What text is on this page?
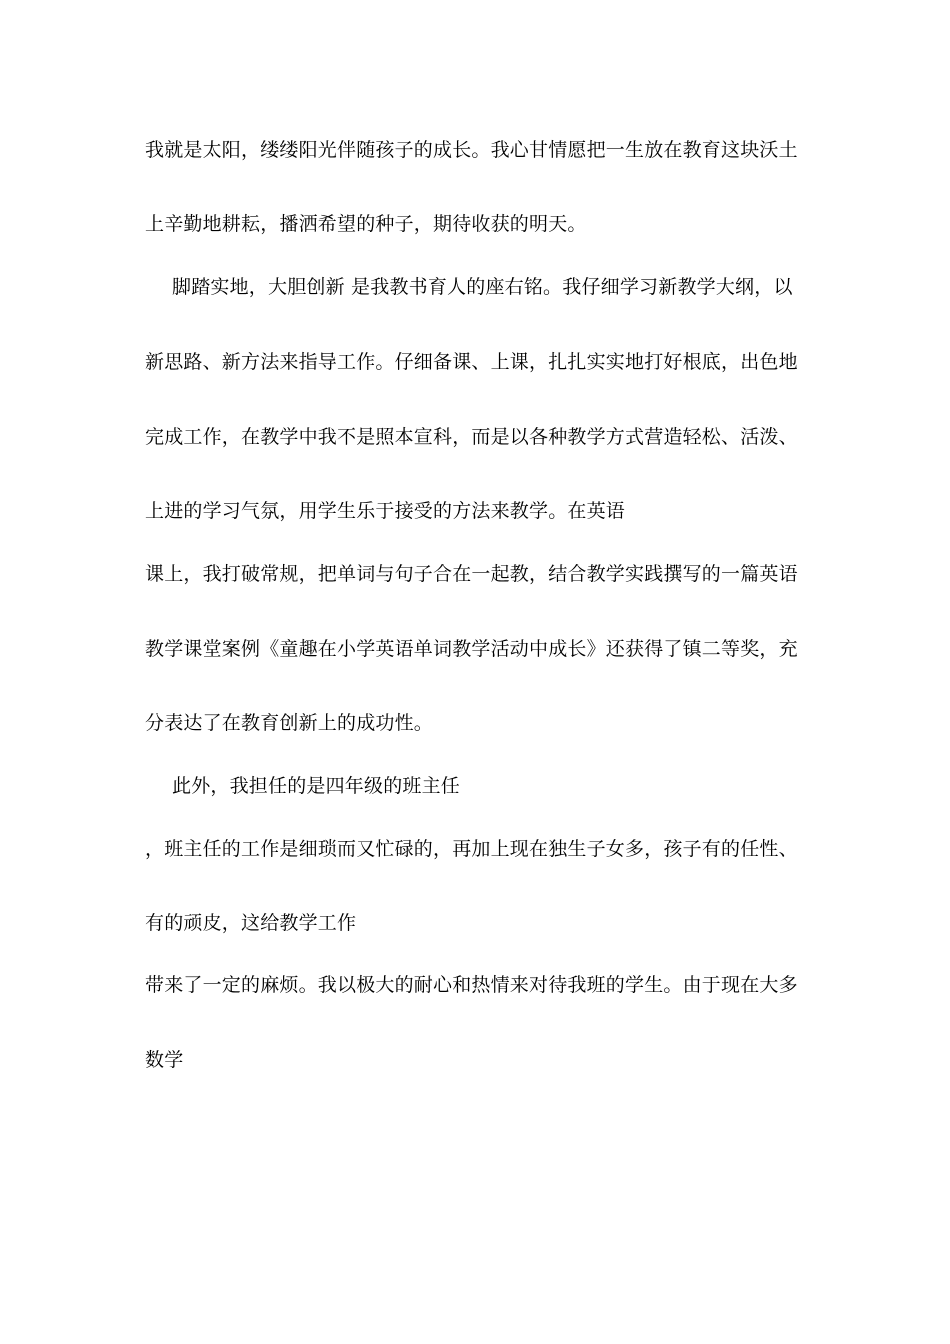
我就是太阳，缕缕阳光伴随孩子的成长。我心甘情愿把一生放在教育这块沃土
上辛勤地耕耘，播洒希望的种子，期待收获的明天。
脚踏实地，大胆创新 是我教书育人的座右铭。我仔细学习新教学大纲，以
新思路、新方法来指导工作。仔细备课、上课，扎扎实实地打好根底，出色地
完成工作，在教学中我不是照本宣科，而是以各种教学方式营造轻松、活泼、
上进的学习气氛，用学生乐于接受的方法来教学。在英语
课上，我打破常规，把单词与句子合在一起教，结合教学实践撰写的一篇英语
教学课堂案例《童趣在小学英语单词教学活动中成长》还获得了镇二等奖，充
分表达了在教育创新上的成功性。
此外，我担任的是四年级的班主任
，班主任的工作是细琐而又忙碌的，再加上现在独生子女多，孩子有的任性、
有的顽皮，这给教学工作
带来了一定的麻烦。我以极大的耐心和热情来对待我班的学生。由于现在大多
数学
